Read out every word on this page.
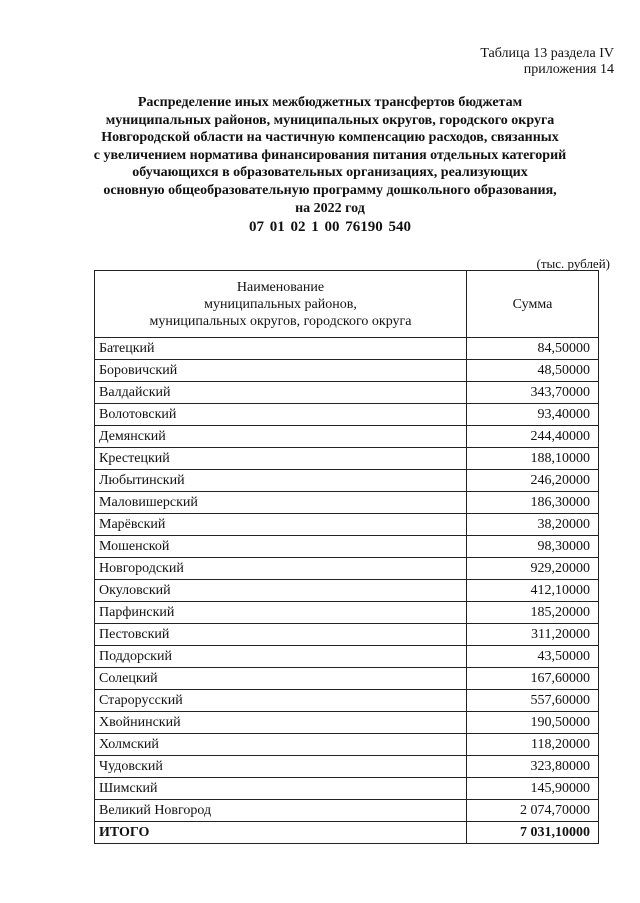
Таблица 13 раздела IV
приложения 14
Распределение иных межбюджетных трансфертов бюджетам
муниципальных районов, муниципальных округов, городского округа
Новгородской области на частичную компенсацию расходов, связанных
с увеличением норматива финансирования питания отдельных категорий
обучающихся в образовательных организациях, реализующих
основную общеобразовательную программу дошкольного образования,
на 2022 год
07 01 02 1 00 76190 540
(тыс. рублей)
Наименование
муниципальных районов,
муниципальных округов, городского округа	Сумма
Батецкий	84,50000
Боровичский	48,50000
Валдайский	343,70000
Волотовский	93,40000
Демянский	244,40000
Крестецкий	188,10000
Любытинский	246,20000
Маловишерский	186,30000
Марёвский	38,20000
Мошенской	98,30000
Новгородский	929,20000
Окуловский	412,10000
Парфинский	185,20000
Пестовский	311,20000
Поддорский	43,50000
Солецкий	167,60000
Старорусский	557,60000
Хвойнинский	190,50000
Холмский	118,20000
Чудовский	323,80000
Шимский	145,90000
Великий Новгород	2 074,70000
ИТОГО	7 031,10000
